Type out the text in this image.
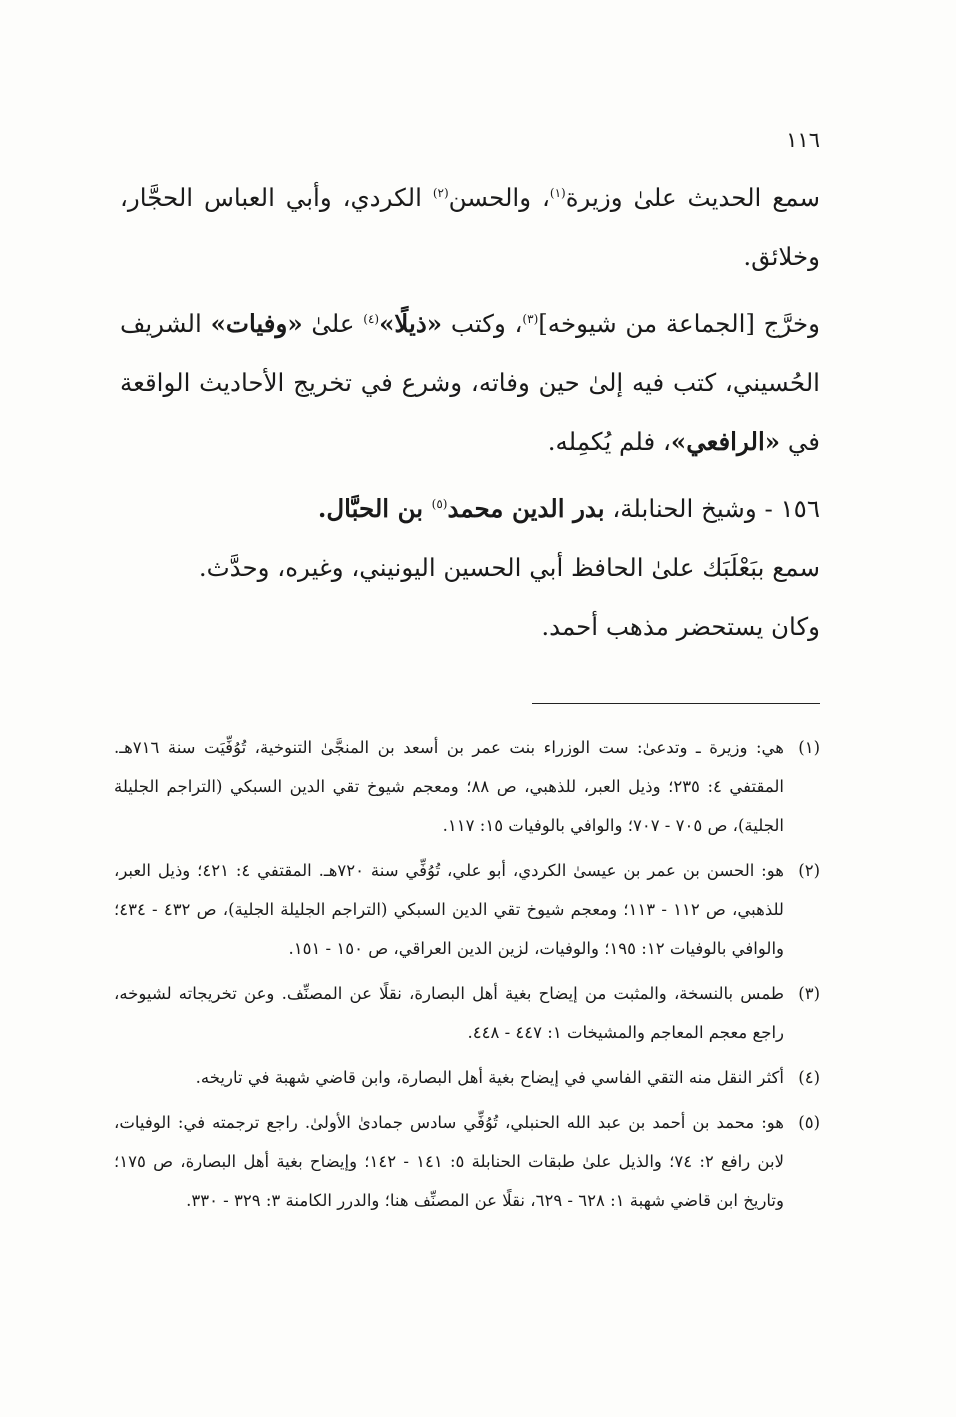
١١٦

سمع الحديث علىٰ وزيرة$^{(١)}$، والحسن$^{(٢)}$ الكردي، وأبي العباس الحجَّار، وخلائق.

وخرَّج [الجماعة من شيوخه]$^{(٣)}$، وكتب «ذيلًا»$^{(٤)}$ علىٰ «وفيات» الشريف الحُسيني، كتب فيه إلىٰ حين وفاته، وشرع في تخريج الأحاديث الواقعة في «الرافعي»، فلم يُكمِله.

١٥٦ - وشيخ الحنابلة، بدر الدين محمد$^{(٥)}$ بن الحبَّال.

سمع ببَعْلَبَك علىٰ الحافظ أبي الحسين اليونيني، وغيره، وحدَّث.

وكان يستحضر مذهب أحمد.

(١)
هي: وزيرة ـ وتدعىٰ: ست الوزراء بنت عمر بن أسعد بن المنجَّىٰ التنوخية، تُوُفِّيَت سنة ٧١٦هـ. المقتفي ٤: ٢٣٥؛ وذيل العبر، للذهبي، ص ٨٨؛ ومعجم شيوخ تقي الدين السبكي (التراجم الجليلة الجلية)، ص ٧٠٥ - ٧٠٧؛ والوافي بالوفيات ١٥: ١١٧.
(٢)
هو: الحسن بن عمر بن عيسىٰ الكردي، أبو علي، تُوُفِّي سنة ٧٢٠هـ. المقتفي ٤: ٤٢١؛ وذيل العبر، للذهبي، ص ١١٢ - ١١٣؛ ومعجم شيوخ تقي الدين السبكي (التراجم الجليلة الجلية)، ص ٤٣٢ - ٤٣٤؛ والوافي بالوفيات ١٢: ١٩٥؛ والوفيات، لزين الدين العراقي، ص ١٥٠ - ١٥١.
(٣)
طمس بالنسخة، والمثبت من إيضاح بغية أهل البصارة، نقلًا عن المصنِّف. وعن تخريجاته لشيوخه، راجع معجم المعاجم والمشيخات ١: ٤٤٧ - ٤٤٨.
(٤)
أكثر النقل منه التقي الفاسي في إيضاح بغية أهل البصارة، وابن قاضي شهبة في تاريخه.
(٥)
هو: محمد بن أحمد بن عبد الله الحنبلي، تُوُفِّي سادس جمادىٰ الأولىٰ. راجع ترجمته في: الوفيات، لابن رافع ٢: ٧٤؛ والذيل علىٰ طبقات الحنابلة ٥: ١٤١ - ١٤٢؛ وإيضاح بغية أهل البصارة، ص ١٧٥؛ وتاريخ ابن قاضي شهبة ١: ٦٢٨ - ٦٢٩، نقلًا عن المصنِّف هنا؛ والدرر الكامنة ٣: ٣٢٩ - ٣٣٠.
